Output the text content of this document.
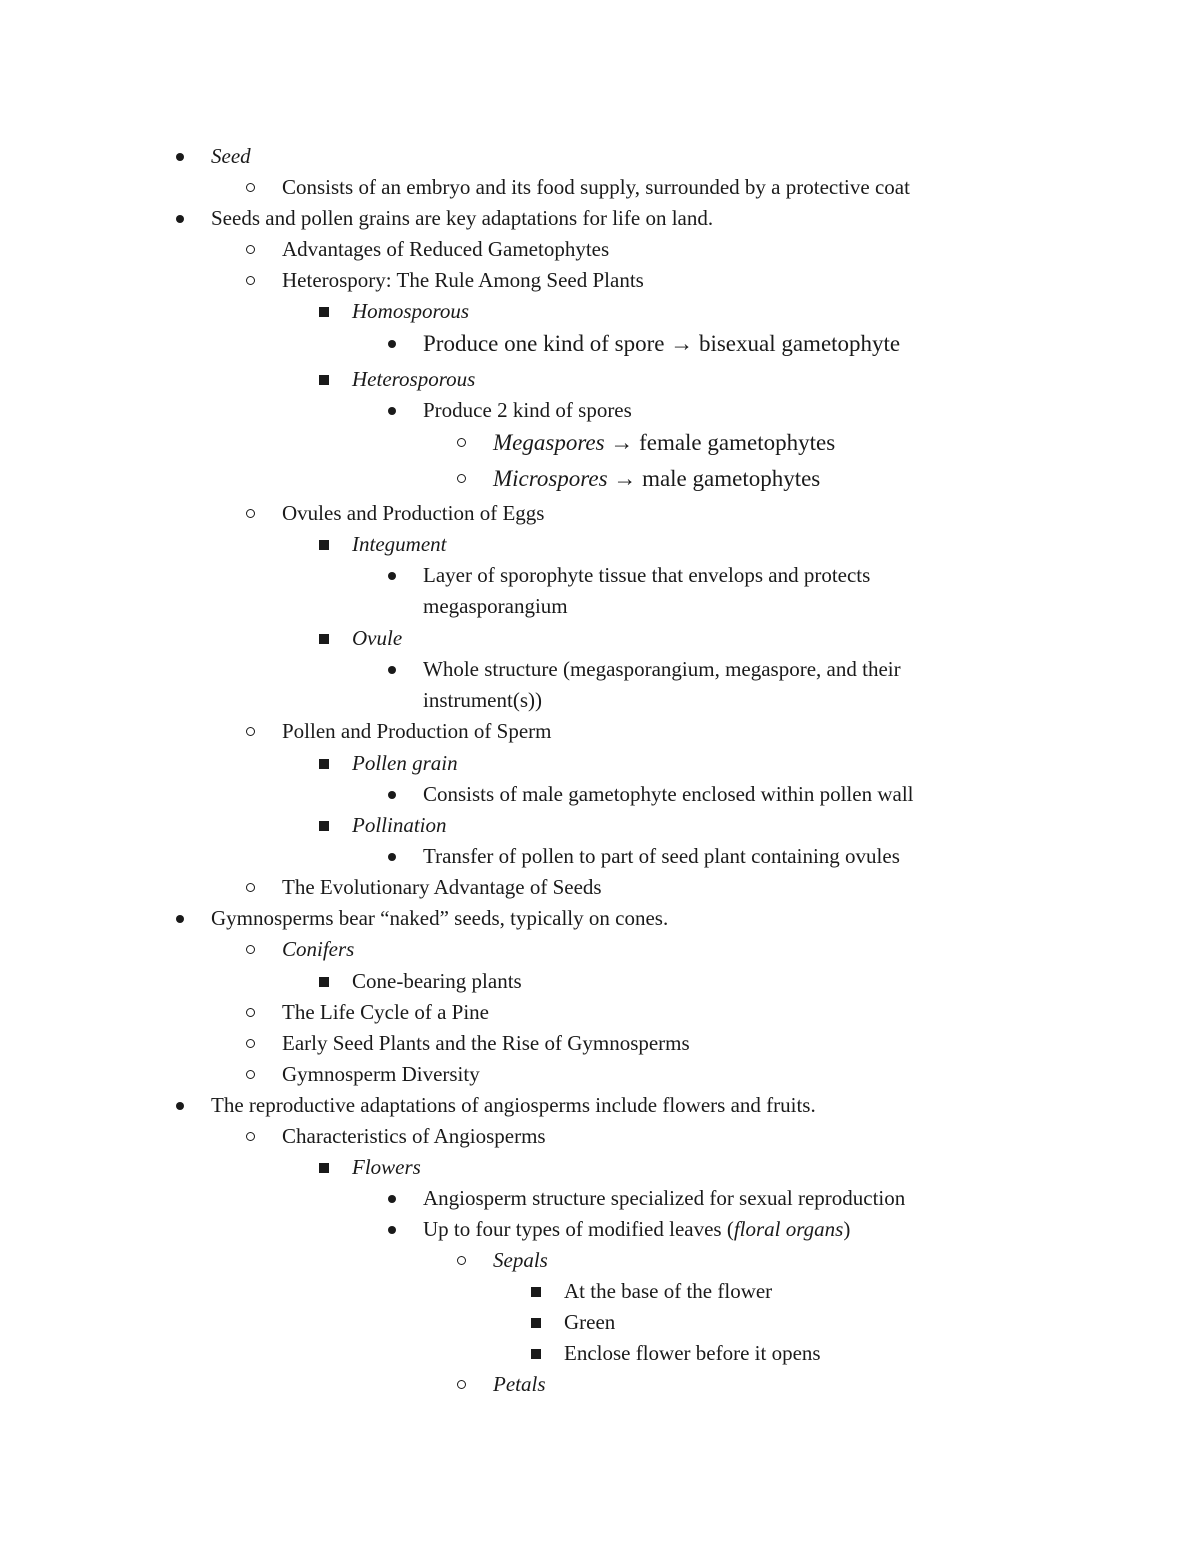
Seed
Consists of an embryo and its food supply, surrounded by a protective coat
Seeds and pollen grains are key adaptations for life on land.
Advantages of Reduced Gametophytes
Heterospory: The Rule Among Seed Plants
Homosporous
Produce one kind of spore → bisexual gametophyte
Heterosporous
Produce 2 kind of spores
Megaspores → female gametophytes
Microspores → male gametophytes
Ovules and Production of Eggs
Integument
Layer of sporophyte tissue that envelops and protects
megasporangium
Ovule
Whole structure (megasporangium, megaspore, and their
instrument(s))
Pollen and Production of Sperm
Pollen grain
Consists of male gametophyte enclosed within pollen wall
Pollination
Transfer of pollen to part of seed plant containing ovules
The Evolutionary Advantage of Seeds
Gymnosperms bear “naked” seeds, typically on cones.
Conifers
Cone-bearing plants
The Life Cycle of a Pine
Early Seed Plants and the Rise of Gymnosperms
Gymnosperm Diversity
The reproductive adaptations of angiosperms include flowers and fruits.
Characteristics of Angiosperms
Flowers
Angiosperm structure specialized for sexual reproduction
Up to four types of modified leaves (floral organs)
Sepals
At the base of the flower
Green
Enclose flower before it opens
Petals
